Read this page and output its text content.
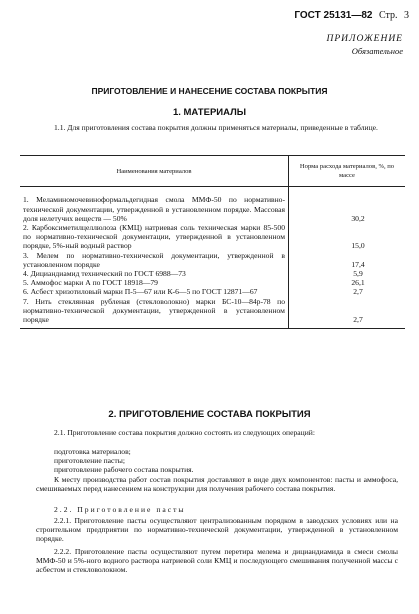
ГОСТ 25131—82 Стр. 3
ПРИЛОЖЕНИЕ
Обязательное
ПРИГОТОВЛЕНИЕ И НАНЕСЕНИЕ СОСТАВА ПОКРЫТИЯ
1. МАТЕРИАЛЫ
1.1. Для приготовления состава покрытия должны применяться материалы, приведенные в таблице.
Наименования материалов	Норма расхода материалов, %, по массе

1. Меламиномочевиноформальдегидная смола ММФ-50 по нормативно-технической документации, утвержденной в установленном порядке. Массовая доля нелетучих веществ — 50%	30,2
2. Карбоксиметилцеллюлоза (КМЦ) натриевая соль техническая марки 85-500 по нормативно-технической документации, утвержденной в установленном порядке, 5%-ный водный раствор	15,0
3. Мелем по нормативно-технической документации, утвержденной в установленном порядке	17,4
4. Дициандиамид технический по ГОСТ 6988—73	5,9
5. Аммофос марки А по ГОСТ 18918—79	26,1
6. Асбест хризотиловый марки П-5—67 или К-6—5 по ГОСТ 12871—67	2,7
7. Нить стеклянная рубленая (стекловолокно) марки БС-10—84р-78 по нормативно-технической документации, утвержденной в установленном порядке	2,7
2. ПРИГОТОВЛЕНИЕ СОСТАВА ПОКРЫТИЯ
2.1. Приготовление состава покрытия должно состоять из следующих операций:
подготовка материалов;
приготовление пасты;
приготовление рабочего состава покрытия.
К месту производства работ состав покрытия доставляют в виде двух компонентов: пасты и аммофоса, смешиваемых перед нанесением на конструкции для получения рабочего состава покрытия.
2.2. Приготовление пасты
2.2.1. Приготовление пасты осуществляют централизованным порядком в заводских условиях или на строительном предприятии по нормативно-технической документации, утвержденной в установленном порядке.
2.2.2. Приготовление пасты осуществляют путем перетира мелема и дициандиамида в смеси смолы ММФ-50 и 5%-ного водного раствора натриевой соли КМЦ и последующего смешивания полученной массы с асбестом и стекловолокном.
